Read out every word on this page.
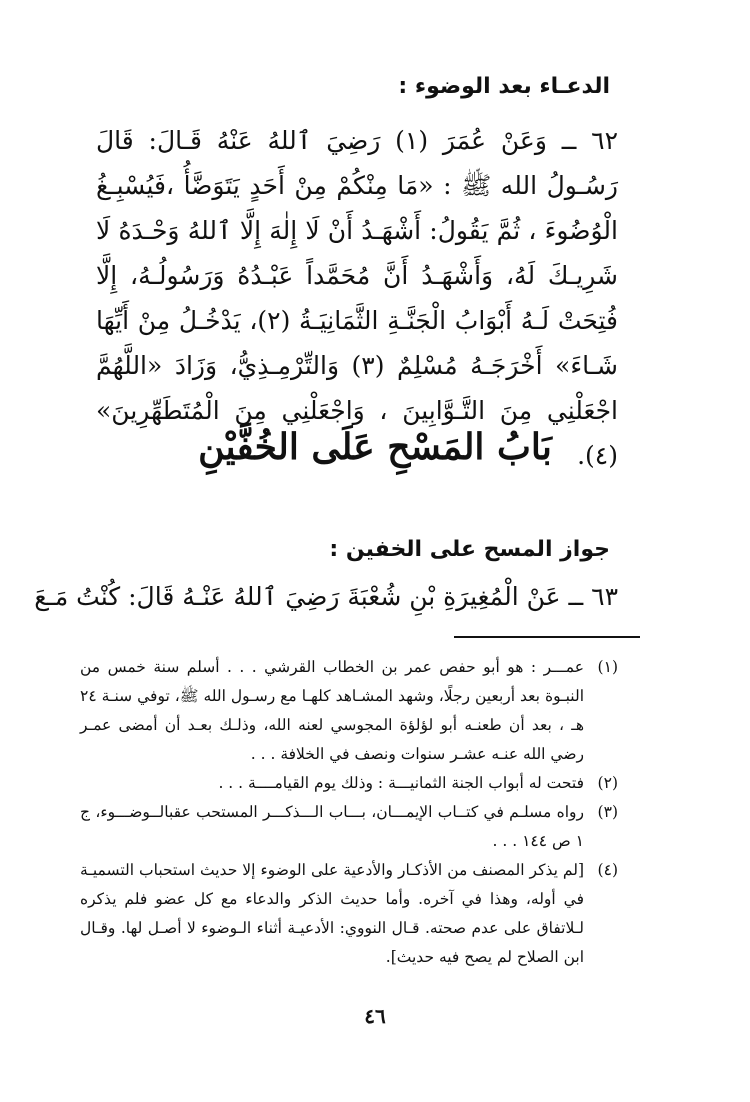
الدعـاء بعد الوضوء :
٦٢ ــ وَعَنْ عُمَرَ (١) رَضِيَ ٱللهُ عَنْهُ قَـالَ: قَالَ رَسُـولُ الله ﷺ : «مَا مِنْكُمْ مِنْ أَحَدٍ يَتَوَضَّأُ ،فَيُسْبِـغُ الْوُضُوءَ ، ثُمَّ يَقُولُ: أَشْهَـدُ أَنْ لَا إِلٰهَ إِلَّا ٱللهُ وَحْـدَهُ لَا شَرِيـكَ لَهُ، وَأَشْهَـدُ أَنَّ مُحَمَّداً عَبْـدُهُ وَرَسُولُـهُ، إِلَّا فُتِحَتْ لَـهُ أَبْوَابُ الْجَنَّـةِ الثَّمَانِيَـةُ (٢)، يَدْخُـلُ مِنْ أَيِّهَا شَـاءَ» أَخْرَجَـهُ مُسْلِمٌ (٣) وَالتِّرْمِـذِيُّ، وَزَادَ «اللَّهُمَّ اجْعَلْنِي مِنَ التَّـوَّابِينَ ، وَاجْعَلْنِي مِنَ الْمُتَطَهِّرِينَ» (٤).
بَابُ المَسْحِ عَلَى الخُفَّيْنِ
جواز المسح على الخفين :
٦٣ ــ عَنْ الْمُغِيرَةِ بْنِ شُعْبَةَ رَضِيَ ٱللهُ عَنْـهُ قَالَ: كُنْتُ مَـعَ
(١)
عمـــر : هو أبو حفص عمر بن الخطاب القرشي . . . أسلم سنة خمس من النبـوة بعد أربعين رجلًا، وشهد المشـاهد كلهـا مع رسـول الله ﷺ، توفي سنـة ٢٤ هـ ، بعد أن طعنـه أبو لؤلؤة المجوسي لعنه الله، وذلـك بعـد أن أمضى عمـر رضي الله عنـه عشـر سنوات ونصف في الخلافة . . .
(٢)
فتحت له أبواب الجنة الثمانيـــة : وذلك يوم القيامــــة . . .
(٣)
رواه مسلـم في كتــاب الإيمـــان، بـــاب الـــذكـــر المستحب عقبالــوضـــوء، ج ١ ص ١٤٤ . . .
(٤)
[لم يذكر المصنف من الأذكـار والأدعية على الوضوء إلا حديث استحباب التسميـة في أوله، وهذا في آخره. وأما حديث الذكر والدعاء مع كل عضو فلم يذكره لـلاتفاق على عدم صحته. قـال النووي: الأدعيـة أثناء الـوضوء لا أصـل لها. وقـال ابن الصلاح لم يصح فيه حديث].
٤٦
